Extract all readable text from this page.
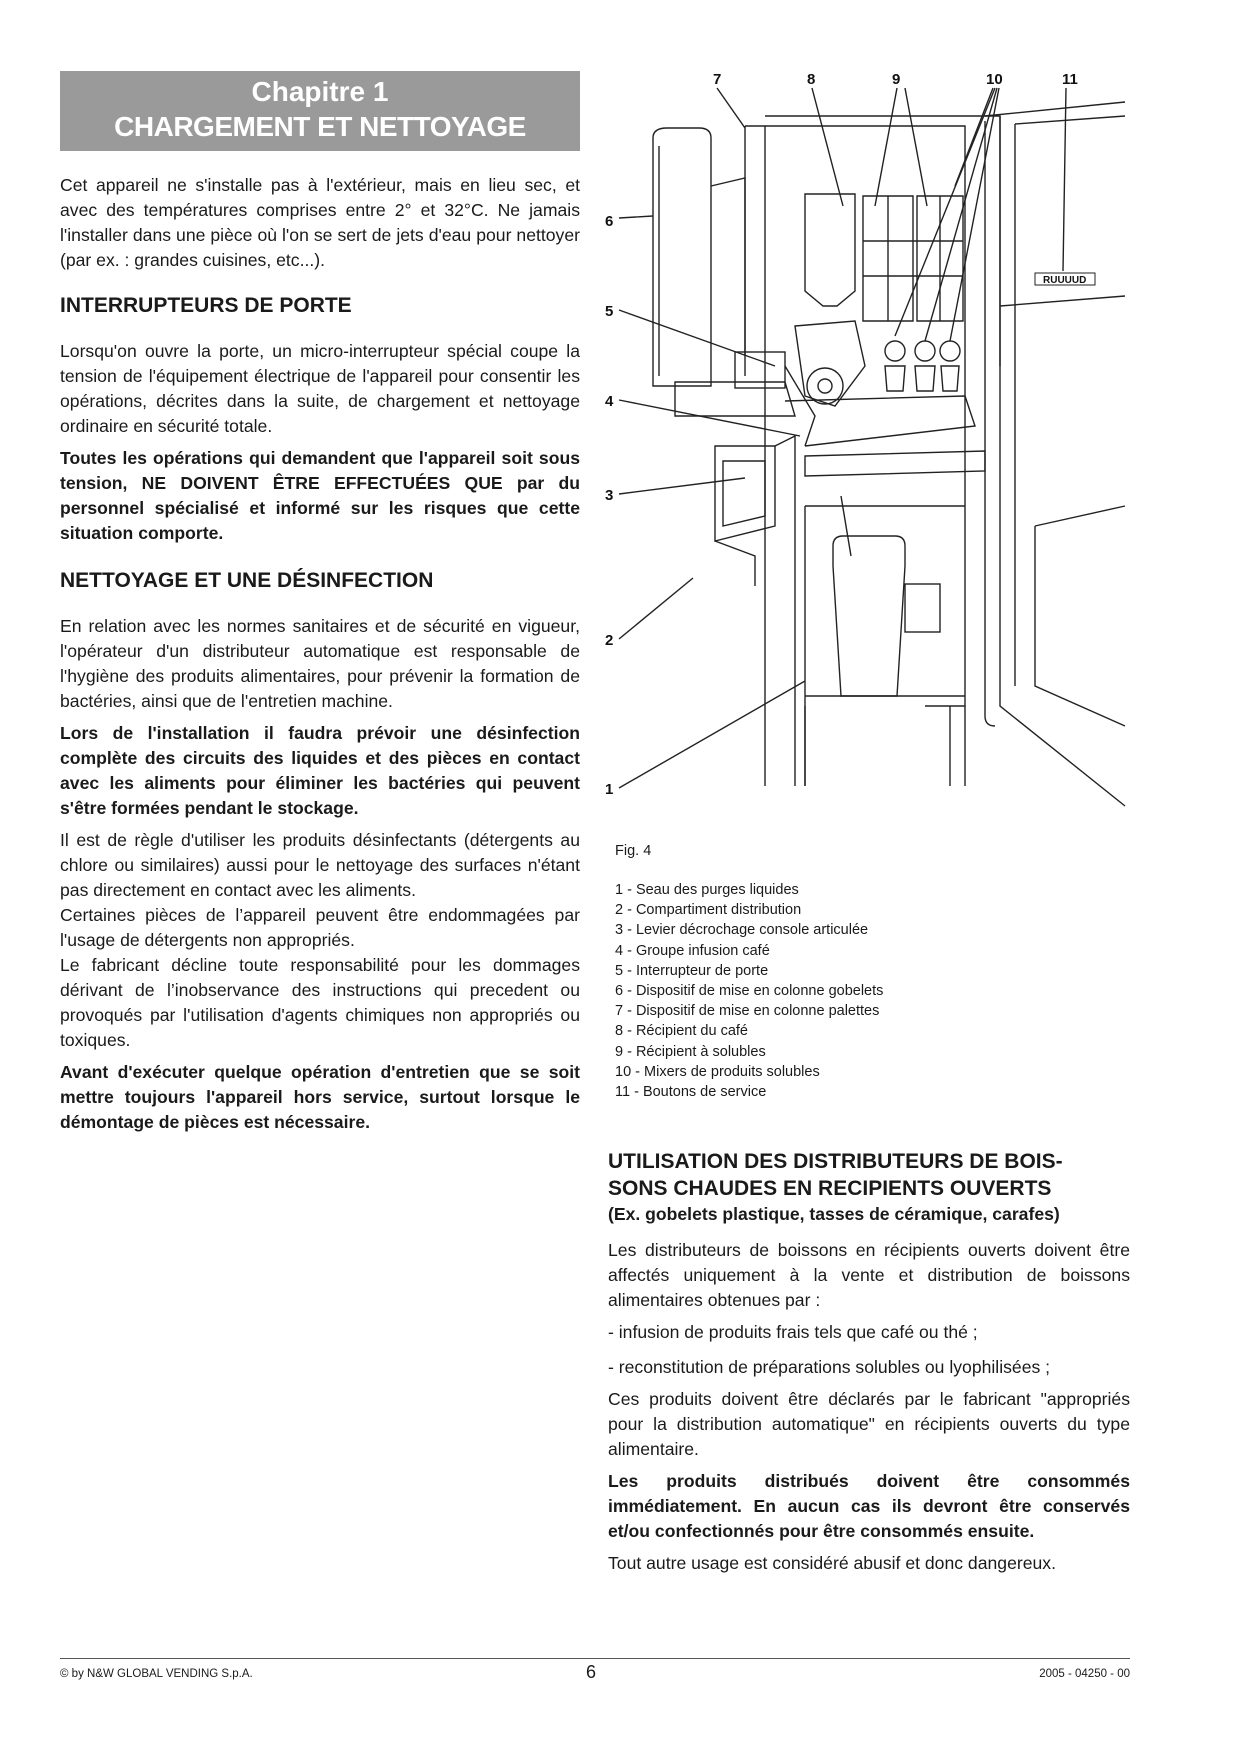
Chapitre 1
CHARGEMENT ET NETTOYAGE

Cet appareil ne s'installe pas à l'extérieur, mais en lieu sec, et avec des températures comprises entre 2° et 32°C. Ne jamais l'installer dans une pièce où l'on se sert de jets d'eau pour nettoyer (par ex. : grandes cuisines, etc...).

INTERRUPTEURS DE PORTE

Lorsqu'on ouvre la porte, un micro-interrupteur spécial coupe la tension de l'équipement électrique de l'appareil pour consentir les opérations, décrites dans la suite, de chargement et nettoyage ordinaire en sécurité totale.

Toutes les opérations qui demandent que l'appareil soit sous tension, NE DOIVENT ÊTRE EFFECTUÉES QUE par du personnel spécialisé et informé sur les risques que cette situation comporte.

NETTOYAGE ET UNE DÉSINFECTION

En relation avec les normes sanitaires et de sécurité en vigueur, l'opérateur d'un distributeur automatique est responsable de l'hygiène des produits alimentaires, pour prévenir la formation de bactéries, ainsi que de l'entretien machine.

Lors de l'installation il faudra prévoir une désinfection complète des circuits des liquides et des pièces en contact avec les aliments pour éliminer les bactéries qui peuvent s'être formées pendant le stockage.

Il est de règle d'utiliser les produits désinfectants (détergents au chlore ou similaires) aussi pour le nettoyage des surfaces n'étant pas directement en contact avec les aliments.

Certaines pièces de l’appareil peuvent être endommagées par l'usage de détergents non appropriés.

Le fabricant décline toute responsabilité pour les dommages dérivant de l’inobservance des instructions qui precedent ou provoqués par l'utilisation d'agents chimiques non appropriés ou toxiques.

Avant d'exécuter quelque opération d'entretien que se soit mettre toujours l'appareil hors service, surtout lorsque le démontage de pièces est nécessaire.

7	8	9	10	11
6
5
4
3
2
1
RUUUUD
Fig. 4
1 - Seau des purges liquides
2 - Compartiment distribution
3 - Levier décrochage console articulée
4 - Groupe infusion café
5 - Interrupteur de porte
6 - Dispositif de mise en colonne gobelets
7 - Dispositif de mise en colonne palettes
8 - Récipient du café
9 - Récipient à solubles
10 - Mixers de produits solubles
11 - Boutons de service
UTILISATION DES DISTRIBUTEURS DE BOIS-
SONS CHAUDES EN RECIPIENTS OUVERTS
(Ex. gobelets plastique, tasses de céramique, carafes)

Les distributeurs de boissons en récipients ouverts doivent être affectés uniquement à la vente et distribution de boissons alimentaires obtenues par :

- infusion de produits frais tels que café ou thé ;

- reconstitution de préparations solubles ou lyophilisées ;

Ces produits doivent être déclarés par le fabricant "appropriés pour la distribution automatique" en récipients ouverts du type alimentaire.

Les produits distribués doivent être consommés immédiatement. En aucun cas ils devront être conservés et/ou confectionnés pour être consommés ensuite.

Tout autre usage est considéré abusif et donc dangereux.

© by N&W GLOBAL VENDING S.p.A.	6	2005 - 04250 - 00
